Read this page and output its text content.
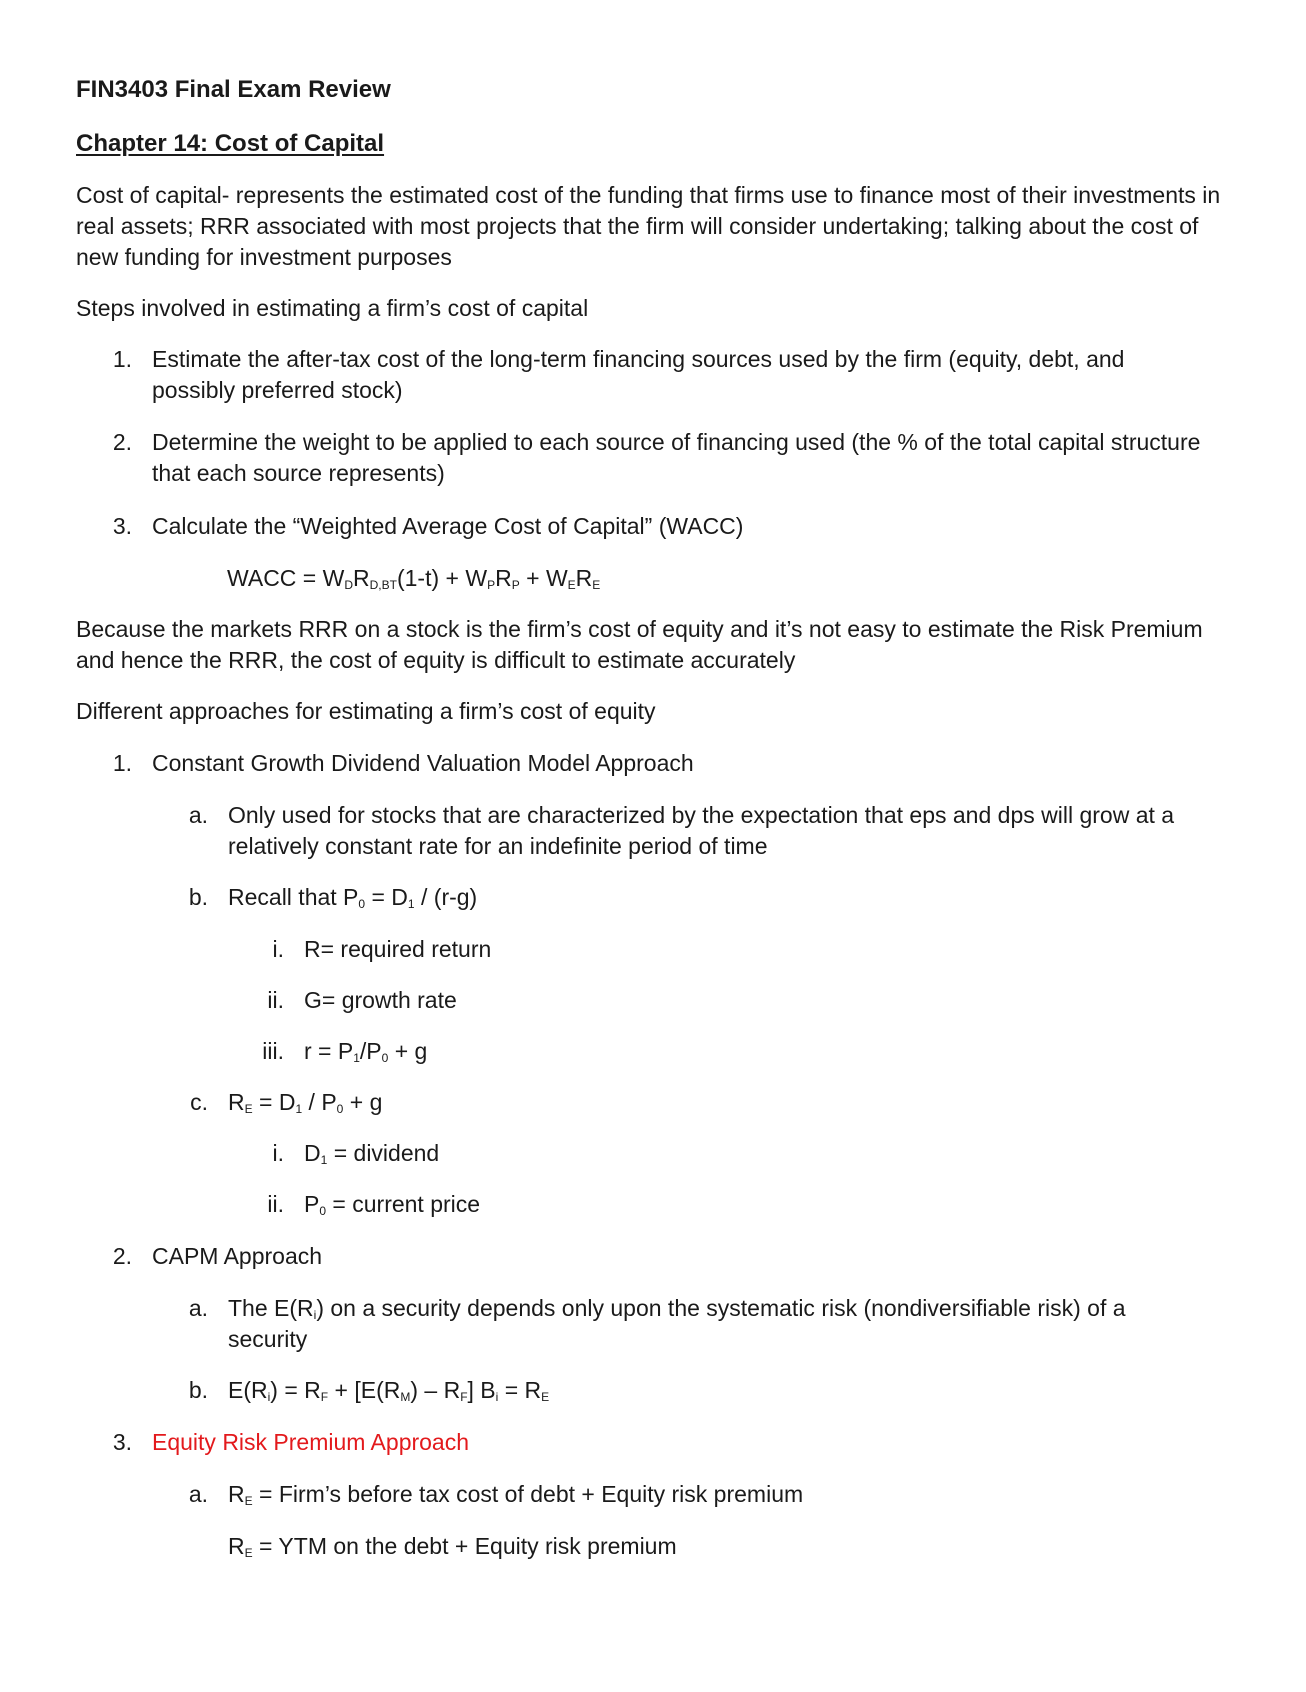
FIN3403 Final Exam Review
Chapter 14: Cost of Capital
Cost of capital- represents the estimated cost of the funding that firms use to finance most of their investments in real assets; RRR associated with most projects that the firm will consider undertaking; talking about the cost of new funding for investment purposes
Steps involved in estimating a firm’s cost of capital
1. Estimate the after-tax cost of the long-term financing sources used by the firm (equity, debt, and possibly preferred stock)
2. Determine the weight to be applied to each source of financing used (the % of the total capital structure that each source represents)
3. Calculate the “Weighted Average Cost of Capital” (WACC)
WACC = $W_DR_{D,BT}(1-t) + W_PR_P + W_ER_E$
Because the markets RRR on a stock is the firm’s cost of equity and it’s not easy to estimate the Risk Premium and hence the RRR, the cost of equity is difficult to estimate accurately
Different approaches for estimating a firm’s cost of equity
1. Constant Growth Dividend Valuation Model Approach
a. Only used for stocks that are characterized by the expectation that eps and dps will grow at a relatively constant rate for an indefinite period of time
b. Recall that $P_0 = D_1 / (r-g)$
i. R= required return
ii. G= growth rate
iii. $r = P_1/P_0 + g$
c. $R_E = D_1 / P_0 + g$
i. $D_1$ = dividend
ii. $P_0$ = current price
2. CAPM Approach
a. The $E(R_i)$ on a security depends only upon the systematic risk (nondiversifiable risk) of a
security
b. $E(R_i) = R_F + [E(R_M) - R_F] B_i = R_E$
3. Equity Risk Premium Approach
a. $R_E$ = Firm’s before tax cost of debt + Equity risk premium
$R_E$ = YTM on the debt + Equity risk premium
